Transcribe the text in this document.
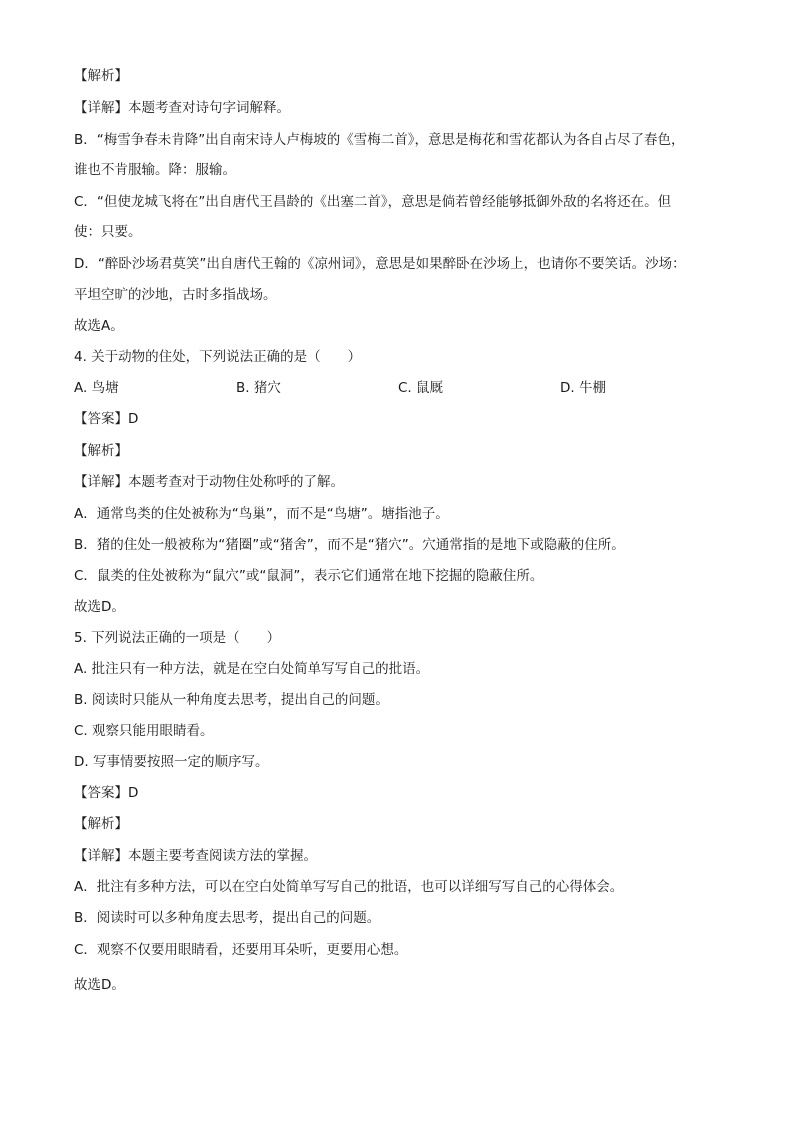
【解析】
【详解】本题考查对诗句字词解释。
B．“梅雪争春未肯降”出自南宋诗人卢梅坡的《雪梅二首》，意思是梅花和雪花都认为各自占尽了春色，
谁也不肯服输。降：服输。
C．“但使龙城飞将在”出自唐代王昌龄的《出塞二首》，意思是倘若曾经能够抵御外敌的名将还在。但
使：只要。
D．“醉卧沙场君莫笑”出自唐代王翰的《凉州词》，意思是如果醉卧在沙场上，也请你不要笑话。沙场：
平坦空旷的沙地，古时多指战场。
故选A。
4. 关于动物的住处，下列说法正确的是（　　）
A. 鸟塘	B. 猪穴	C. 鼠厩	D. 牛棚
【答案】D
【解析】
【详解】本题考查对于动物住处称呼的了解。
A．通常鸟类的住处被称为“鸟巢”，而不是“鸟塘”。塘指池子。
B．猪的住处一般被称为“猪圈”或“猪舍”，而不是“猪穴”。穴通常指的是地下或隐蔽的住所。
C．鼠类的住处被称为“鼠穴”或“鼠洞”，表示它们通常在地下挖掘的隐蔽住所。
故选D。
5. 下列说法正确的一项是（　　）
A. 批注只有一种方法，就是在空白处简单写写自己的批语。
B. 阅读时只能从一种角度去思考，提出自己的问题。
C. 观察只能用眼睛看。
D. 写事情要按照一定的顺序写。
【答案】D
【解析】
【详解】本题主要考查阅读方法的掌握。
A．批注有多种方法，可以在空白处简单写写自己的批语，也可以详细写写自己的心得体会。
B．阅读时可以多种角度去思考，提出自己的问题。
C．观察不仅要用眼睛看，还要用耳朵听，更要用心想。
故选D。
